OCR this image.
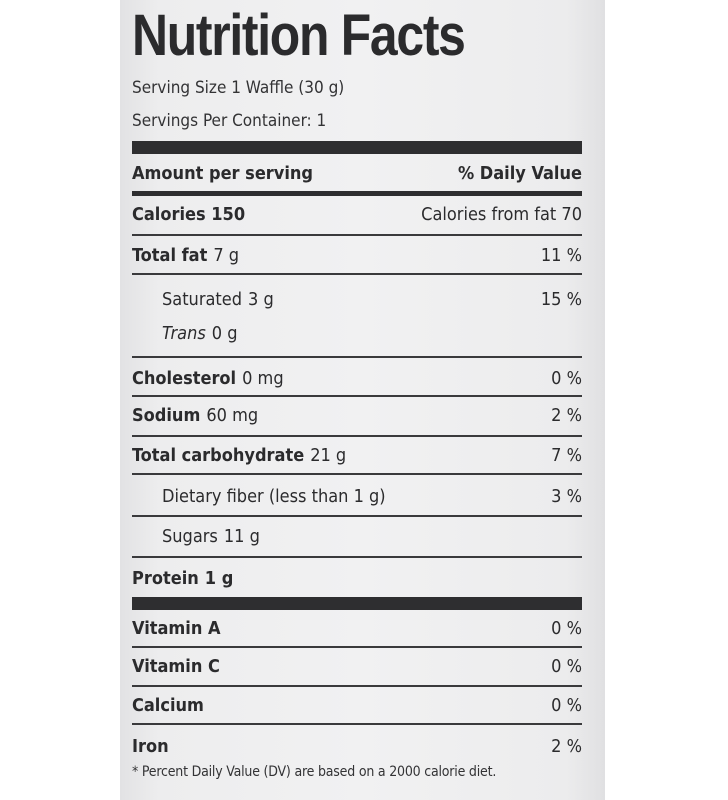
Nutrition Facts
Serving Size 1 Waffle (30 g)
Servings Per Container: 1
Amount per serving	% Daily Value
Calories 150	Calories from fat 70
Total fat 7 g	11 %
Saturated 3 g	15 %
Trans 0 g
Cholesterol 0 mg	0 %
Sodium 60 mg	2 %
Total carbohydrate 21 g	7 %
Dietary fiber (less than 1 g)	3 %
Sugars 11 g
Protein 1 g
Vitamin A	0 %
Vitamin C	0 %
Calcium	0 %
Iron	2 %
* Percent Daily Value (DV) are based on a 2000 calorie diet.
